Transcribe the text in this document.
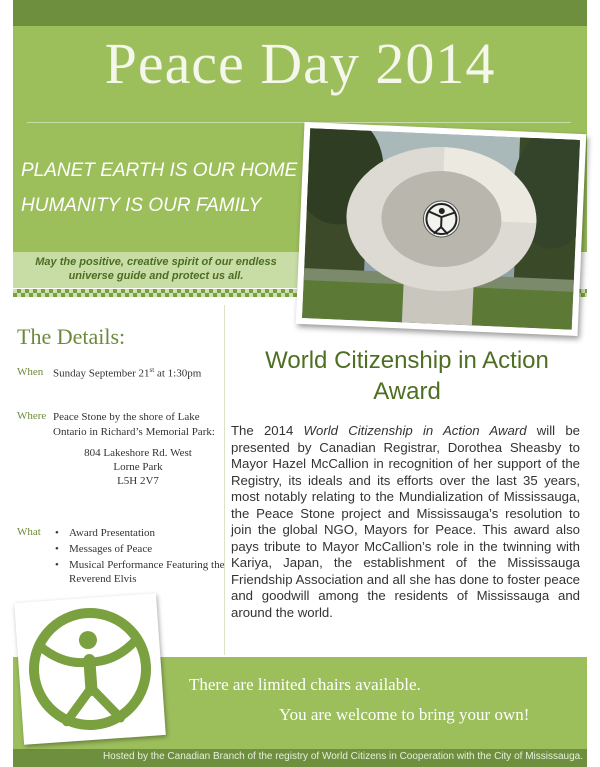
Peace Day 2014
PLANET EARTH IS OUR HOME
HUMANITY IS OUR FAMILY
May the positive, creative spirit of our endless
universe guide and protect us all.
The Details:
When Sunday September 21st at 1:30pm
Where Peace Stone by the shore of Lake Ontario in Richard’s Memorial Park:
804 Lakeshore Rd. West
Lorne Park
L5H 2V7
What
•	Award Presentation
• Messages of Peace
• Musical Performance Featuring the Reverend Elvis
World Citizenship in Action Award
The 2014 World Citizenship in Action Award will be presented by Canadian Registrar, Dorothea Sheasby to Mayor Hazel McCallion in recognition of her support of the Registry, its ideals and its efforts over the last 35 years, most notably relating to the Mundialization of Mississauga, the Peace Stone project and Mississauga’s resolution to join the global NGO, Mayors for Peace. This award also pays tribute to Mayor McCallion’s role in the twinning with Kariya, Japan, the establishment of the Mississauga Friendship Association and all she has done to foster peace and goodwill among the residents of Mississauga and around the world.
There are limited chairs available.
You are welcome to bring your own!
Hosted by the Canadian Branch of the registry of World Citizens in Cooperation with the City of Mississauga.
